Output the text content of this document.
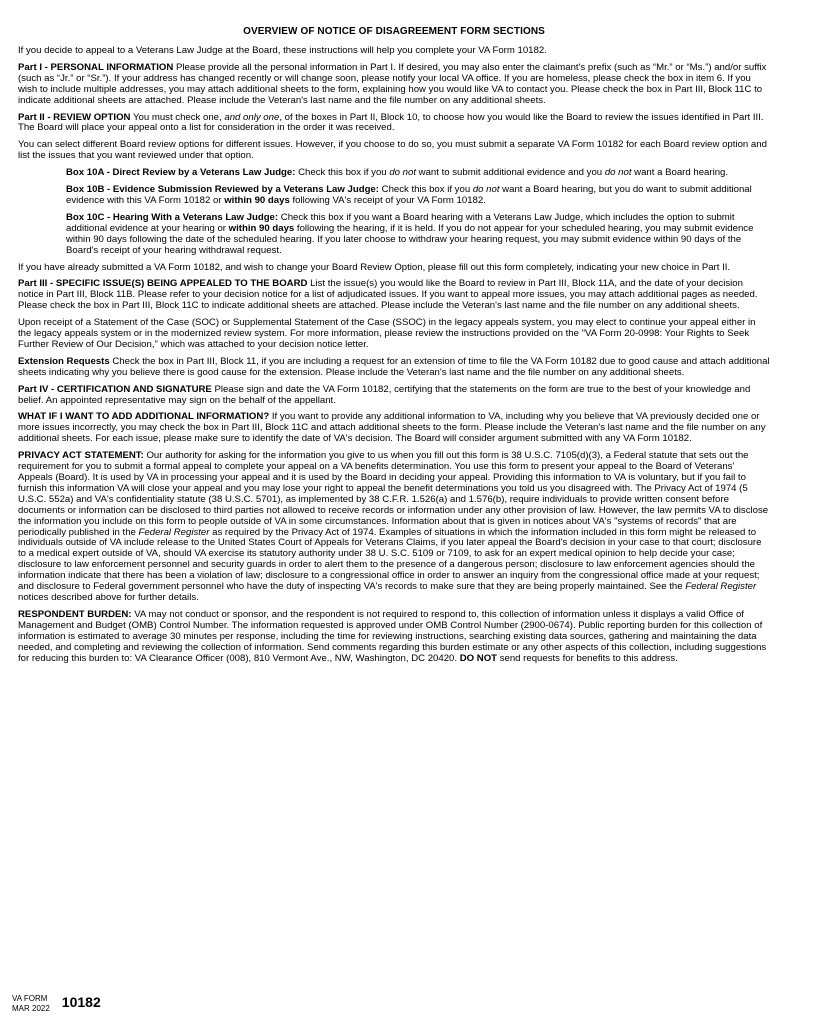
OVERVIEW OF NOTICE OF DISAGREEMENT FORM SECTIONS

If you decide to appeal to a Veterans Law Judge at the Board, these instructions will help you complete your VA Form 10182.

Part I - PERSONAL INFORMATION Please provide all the personal information in Part I. If desired, you may also enter the claimant's prefix (such as “Mr.” or “Ms.”) and/or suffix (such as “Jr.” or “Sr.”). If your address has changed recently or will change soon, please notify your local VA office. If you are homeless, please check the box in item 6. If you wish to include multiple addresses, you may attach additional sheets to the form, explaining how you would like VA to contact you. Please check the box in Part III, Block 11C to indicate additional sheets are attached. Please include the Veteran's last name and the file number on any additional sheets.

Part II - REVIEW OPTION You must check one, and only one, of the boxes in Part II, Block 10, to choose how you would like the Board to review the issues identified in Part III. The Board will place your appeal onto a list for consideration in the order it was received.

You can select different Board review options for different issues. However, if you choose to do so, you must submit a separate VA Form 10182 for each Board review option and list the issues that you want reviewed under that option.

Box 10A - Direct Review by a Veterans Law Judge: Check this box if you do not want to submit additional evidence and you do not want a Board hearing.

Box 10B - Evidence Submission Reviewed by a Veterans Law Judge: Check this box if you do not want a Board hearing, but you do want to submit additional evidence with this VA Form 10182 or within 90 days following VA's receipt of your VA Form 10182.

Box 10C - Hearing With a Veterans Law Judge: Check this box if you want a Board hearing with a Veterans Law Judge, which includes the option to submit additional evidence at your hearing or within 90 days following the hearing, if it is held. If you do not appear for your scheduled hearing, you may submit evidence within 90 days following the date of the scheduled hearing. If you later choose to withdraw your hearing request, you may submit evidence within 90 days of the Board's receipt of your hearing withdrawal request.

If you have already submitted a VA Form 10182, and wish to change your Board Review Option, please fill out this form completely, indicating your new choice in Part II.

Part III - SPECIFIC ISSUE(S) BEING APPEALED TO THE BOARD List the issue(s) you would like the Board to review in Part III, Block 11A, and the date of your decision notice in Part III, Block 11B. Please refer to your decision notice for a list of adjudicated issues. If you want to appeal more issues, you may attach additional pages as needed. Please check the box in Part III, Block 11C to indicate additional sheets are attached. Please include the Veteran's last name and the file number on any additional sheets.

Upon receipt of a Statement of the Case (SOC) or Supplemental Statement of the Case (SSOC) in the legacy appeals system, you may elect to continue your appeal either in the legacy appeals system or in the modernized review system. For more information, please review the instructions provided on the "VA Form 20-0998: Your Rights to Seek Further Review of Our Decision," which was attached to your decision notice letter.

Extension Requests Check the box in Part III, Block 11, if you are including a request for an extension of time to file the VA Form 10182 due to good cause and attach additional sheets indicating why you believe there is good cause for the extension. Please include the Veteran's last name and the file number on any additional sheets.

Part IV - CERTIFICATION AND SIGNATURE Please sign and date the VA Form 10182, certifying that the statements on the form are true to the best of your knowledge and belief. An appointed representative may sign on the behalf of the appellant.

WHAT IF I WANT TO ADD ADDITIONAL INFORMATION? If you want to provide any additional information to VA, including why you believe that VA previously decided one or more issues incorrectly, you may check the box in Part III, Block 11C and attach additional sheets to the form. Please include the Veteran's last name and the file number on any additional sheets. For each issue, please make sure to identify the date of VA's decision. The Board will consider argument submitted with any VA Form 10182.

PRIVACY ACT STATEMENT: Our authority for asking for the information you give to us when you fill out this form is 38 U.S.C. 7105(d)(3), a Federal statute that sets out the requirement for you to submit a formal appeal to complete your appeal on a VA benefits determination. You use this form to present your appeal to the Board of Veterans' Appeals (Board). It is used by VA in processing your appeal and it is used by the Board in deciding your appeal. Providing this information to VA is voluntary, but if you fail to furnish this information VA will close your appeal and you may lose your right to appeal the benefit determinations you told us you disagreed with. The Privacy Act of 1974 (5 U.S.C. 552a) and VA's confidentiality statute (38 U.S.C. 5701), as implemented by 38 C.F.R. 1.526(a) and 1.576(b), require individuals to provide written consent before documents or information can be disclosed to third parties not allowed to receive records or information under any other provision of law. However, the law permits VA to disclose the information you include on this form to people outside of VA in some circumstances. Information about that is given in notices about VA's "systems of records" that are periodically published in the Federal Register as required by the Privacy Act of 1974. Examples of situations in which the information included in this form might be released to individuals outside of VA include release to the United States Court of Appeals for Veterans Claims, if you later appeal the Board's decision in your case to that court; disclosure to a medical expert outside of VA, should VA exercise its statutory authority under 38 U. S.C. 5109 or 7109, to ask for an expert medical opinion to help decide your case; disclosure to law enforcement personnel and security guards in order to alert them to the presence of a dangerous person; disclosure to law enforcement agencies should the information indicate that there has been a violation of law; disclosure to a congressional office in order to answer an inquiry from the congressional office made at your request; and disclosure to Federal government personnel who have the duty of inspecting VA's records to make sure that they are being properly maintained. See the Federal Register notices described above for further details.

RESPONDENT BURDEN: VA may not conduct or sponsor, and the respondent is not required to respond to, this collection of information unless it displays a valid Office of Management and Budget (OMB) Control Number. The information requested is approved under OMB Control Number (2900-0674). Public reporting burden for this collection of information is estimated to average 30 minutes per response, including the time for reviewing instructions, searching existing data sources, gathering and maintaining the data needed, and completing and reviewing the collection of information. Send comments regarding this burden estimate or any other aspects of this collection, including suggestions for reducing this burden to: VA Clearance Officer (008), 810 Vermont Ave., NW, Washington, DC 20420. DO NOT send requests for benefits to this address.

VA FORM
MAR 2022 10182
